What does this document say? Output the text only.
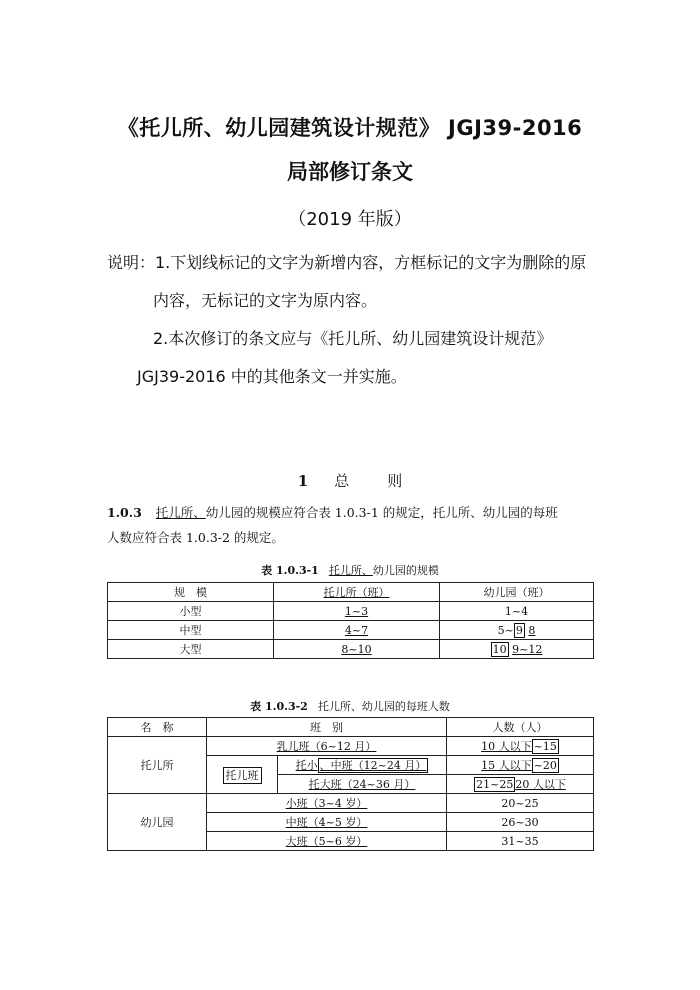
《托儿所、幼儿园建筑设计规范》 JGJ39-2016
局部修订条文
（2019 年版）
说明：1.下划线标记的文字为新增内容，方框标记的文字为删除的原
内容，无标记的文字为原内容。
2.本次修订的条文应与《托儿所、幼儿园建筑设计规范》
JGJ39-2016 中的其他条文一并实施。
1 总	则
1.0.3 托儿所、幼儿园的规模应符合表 1.0.3-1 的规定，托儿所、幼儿园的每班
人数应符合表 1.0.3-2 的规定。
表 1.0.3-1 托儿所、幼儿园的规模
规　模	托儿所（班）	幼儿园（班）
小型	1~3	1~4
中型	4~7	5~ 9 8
大型	8~10	10 9~12
表 1.0.3-2 托儿所、幼儿园的每班人数
名　称	班　别		人数（人）
托儿所	乳儿班（6~12 月）		10 人以下 ~15
	托儿班	托小 、中班（12~24 月）	15 人以下 ~20
		托大班（24~36 月）	21~25 20 人以下
幼儿园	小班（3~4 岁）		20~25
	中班（4~5 岁）		26~30
	大班（5~6 岁）		31~35
